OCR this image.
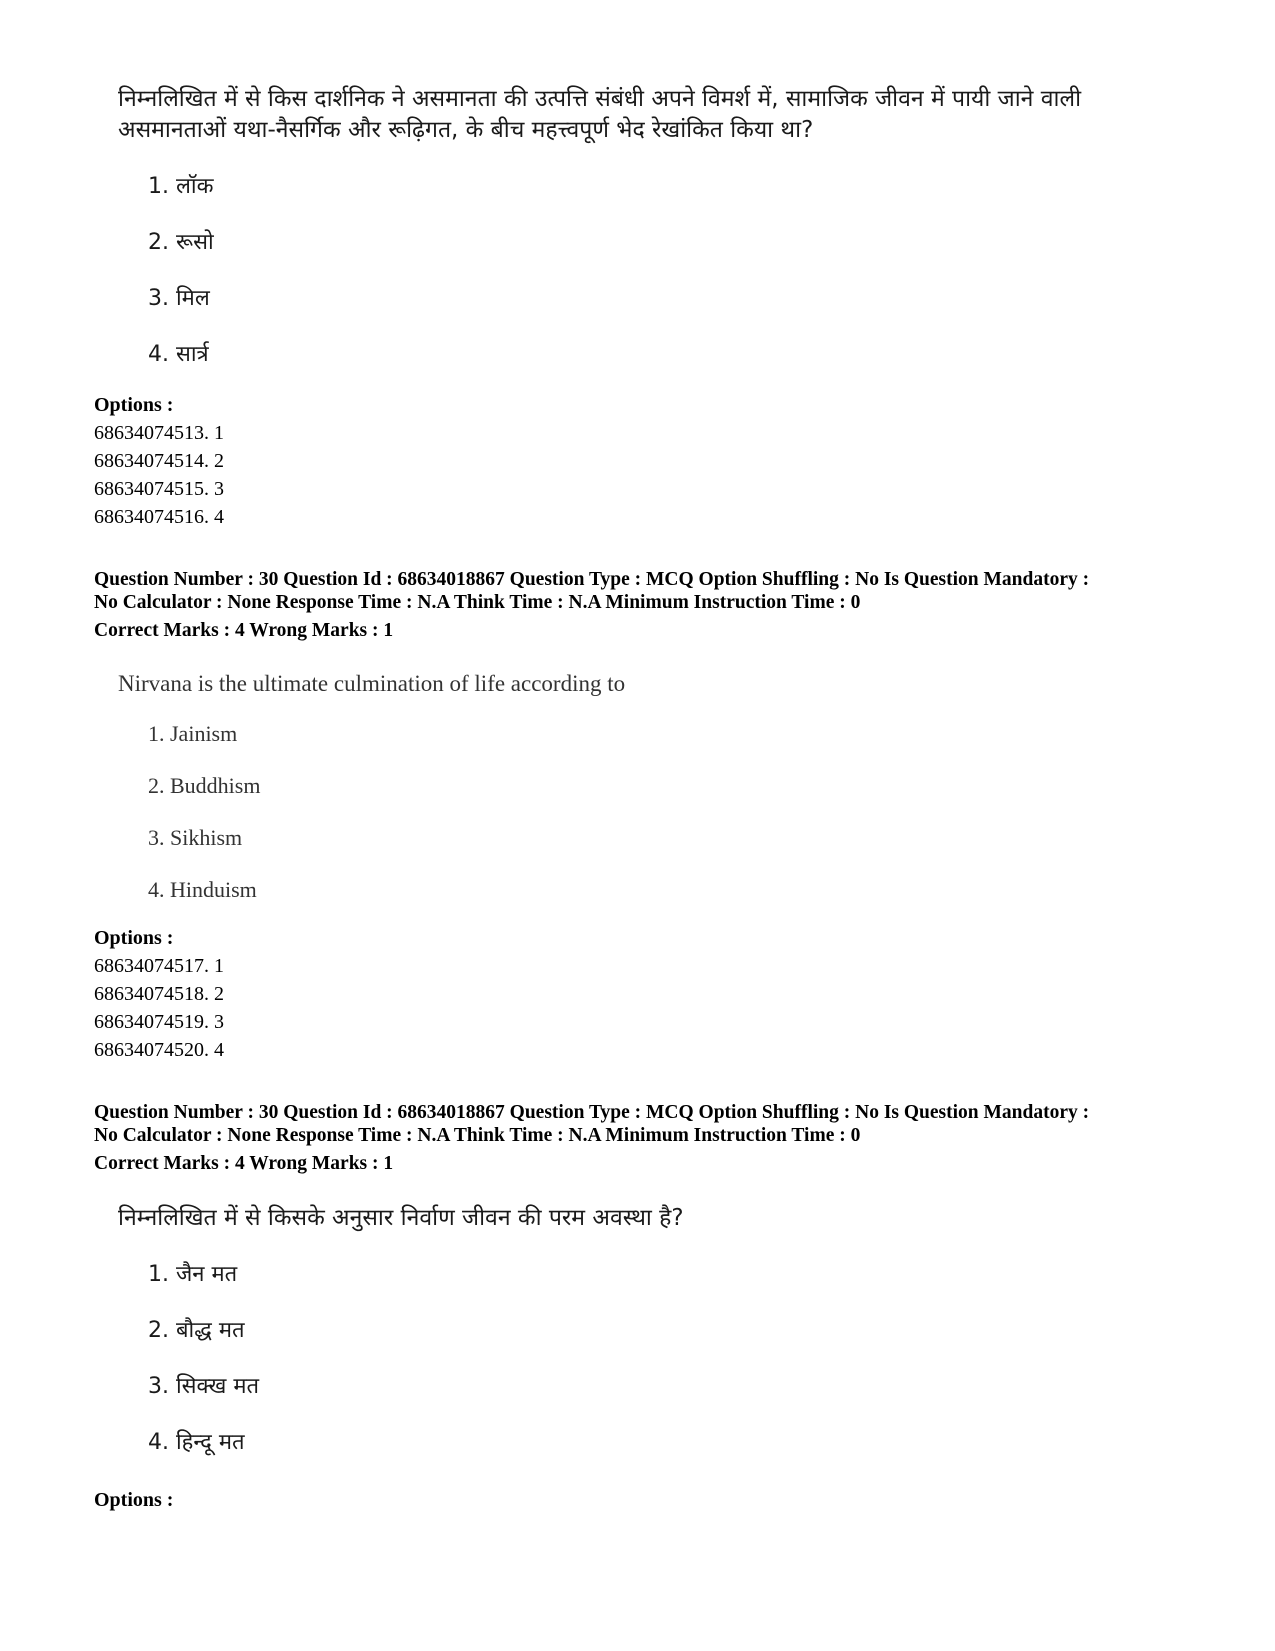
निम्नलिखित में से किस दार्शनिक ने असमानता की उत्पत्ति संबंधी अपने विमर्श में, सामाजिक जीवन में पायी जाने वाली असमानताओं यथा-नैसर्गिक और रूढ़िगत, के बीच महत्त्वपूर्ण भेद रेखांकित किया था?
1. लॉक
2. रूसो
3. मिल
4. सार्त्र
Options :
68634074513. 1
68634074514. 2
68634074515. 3
68634074516. 4
Question Number : 30 Question Id : 68634018867 Question Type : MCQ Option Shuffling : No Is Question Mandatory :
No Calculator : None Response Time : N.A Think Time : N.A Minimum Instruction Time : 0
Correct Marks : 4 Wrong Marks : 1
Nirvana is the ultimate culmination of life according to
1. Jainism
2. Buddhism
3. Sikhism
4. Hinduism
Options :
68634074517. 1
68634074518. 2
68634074519. 3
68634074520. 4
Question Number : 30 Question Id : 68634018867 Question Type : MCQ Option Shuffling : No Is Question Mandatory :
No Calculator : None Response Time : N.A Think Time : N.A Minimum Instruction Time : 0
Correct Marks : 4 Wrong Marks : 1
निम्नलिखित में से किसके अनुसार निर्वाण जीवन की परम अवस्था है?
1. जैन मत
2. बौद्ध मत
3. सिक्ख मत
4. हिन्दू मत
Options :
